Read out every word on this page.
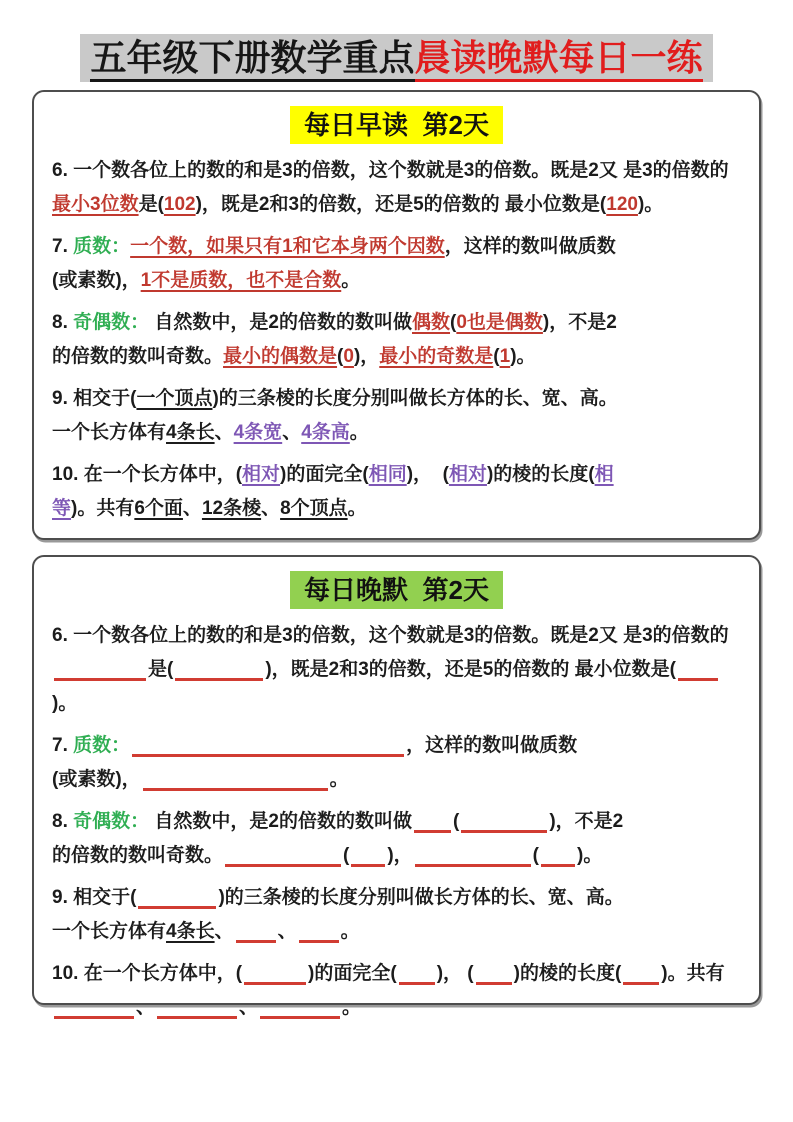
五年级下册数学重点晨读晚默每日一练
每日早读  第2天

6. 一个数各位上的数的和是3的倍数，这个数就是3的倍数。既是2又 是3的倍数的
最小3位数是(102)，既是2和3的倍数，还是5的倍数的 最小位数是(120)。

7. 质数：一个数，如果只有1和它本身两个因数，这样的数叫做质数
(或素数)，1不是质数，也不是合数。

8. 奇偶数： 自然数中，是2的倍数的数叫做偶数(0也是偶数)，不是2
的倍数的数叫奇数。最小的偶数是(0)，最小的奇数是(1)。

9. 相交于(一个顶点)的三条棱的长度分别叫做长方体的长、宽、高。
一个长方体有4条长、4条宽、4条高。

10. 在一个长方体中，(相对)的面完全(相同)，  (相对)的棱的长度(相
等)。共有6个面、12条棱、8个顶点。

每日晚默  第2天

6. 一个数各位上的数的和是3的倍数，这个数就是3的倍数。既是2又 是3的倍数的
是(	)，既是2和3的倍数，还是5的倍数的 最小位数是()。

7. 质数：	，这样的数叫做质数
(或素数)，	。

8. 奇偶数： 自然数中，是2的倍数的数叫做 (	)，不是2
的倍数的数叫奇数。	( )，	( )。

9. 相交于(	)的三条棱的长度分别叫做长方体的长、宽、高。
一个长方体有4条长、 、 。

10. 在一个长方体中，(	)的面完全( )， ( )的棱的长度( )。共有
、	、	。
